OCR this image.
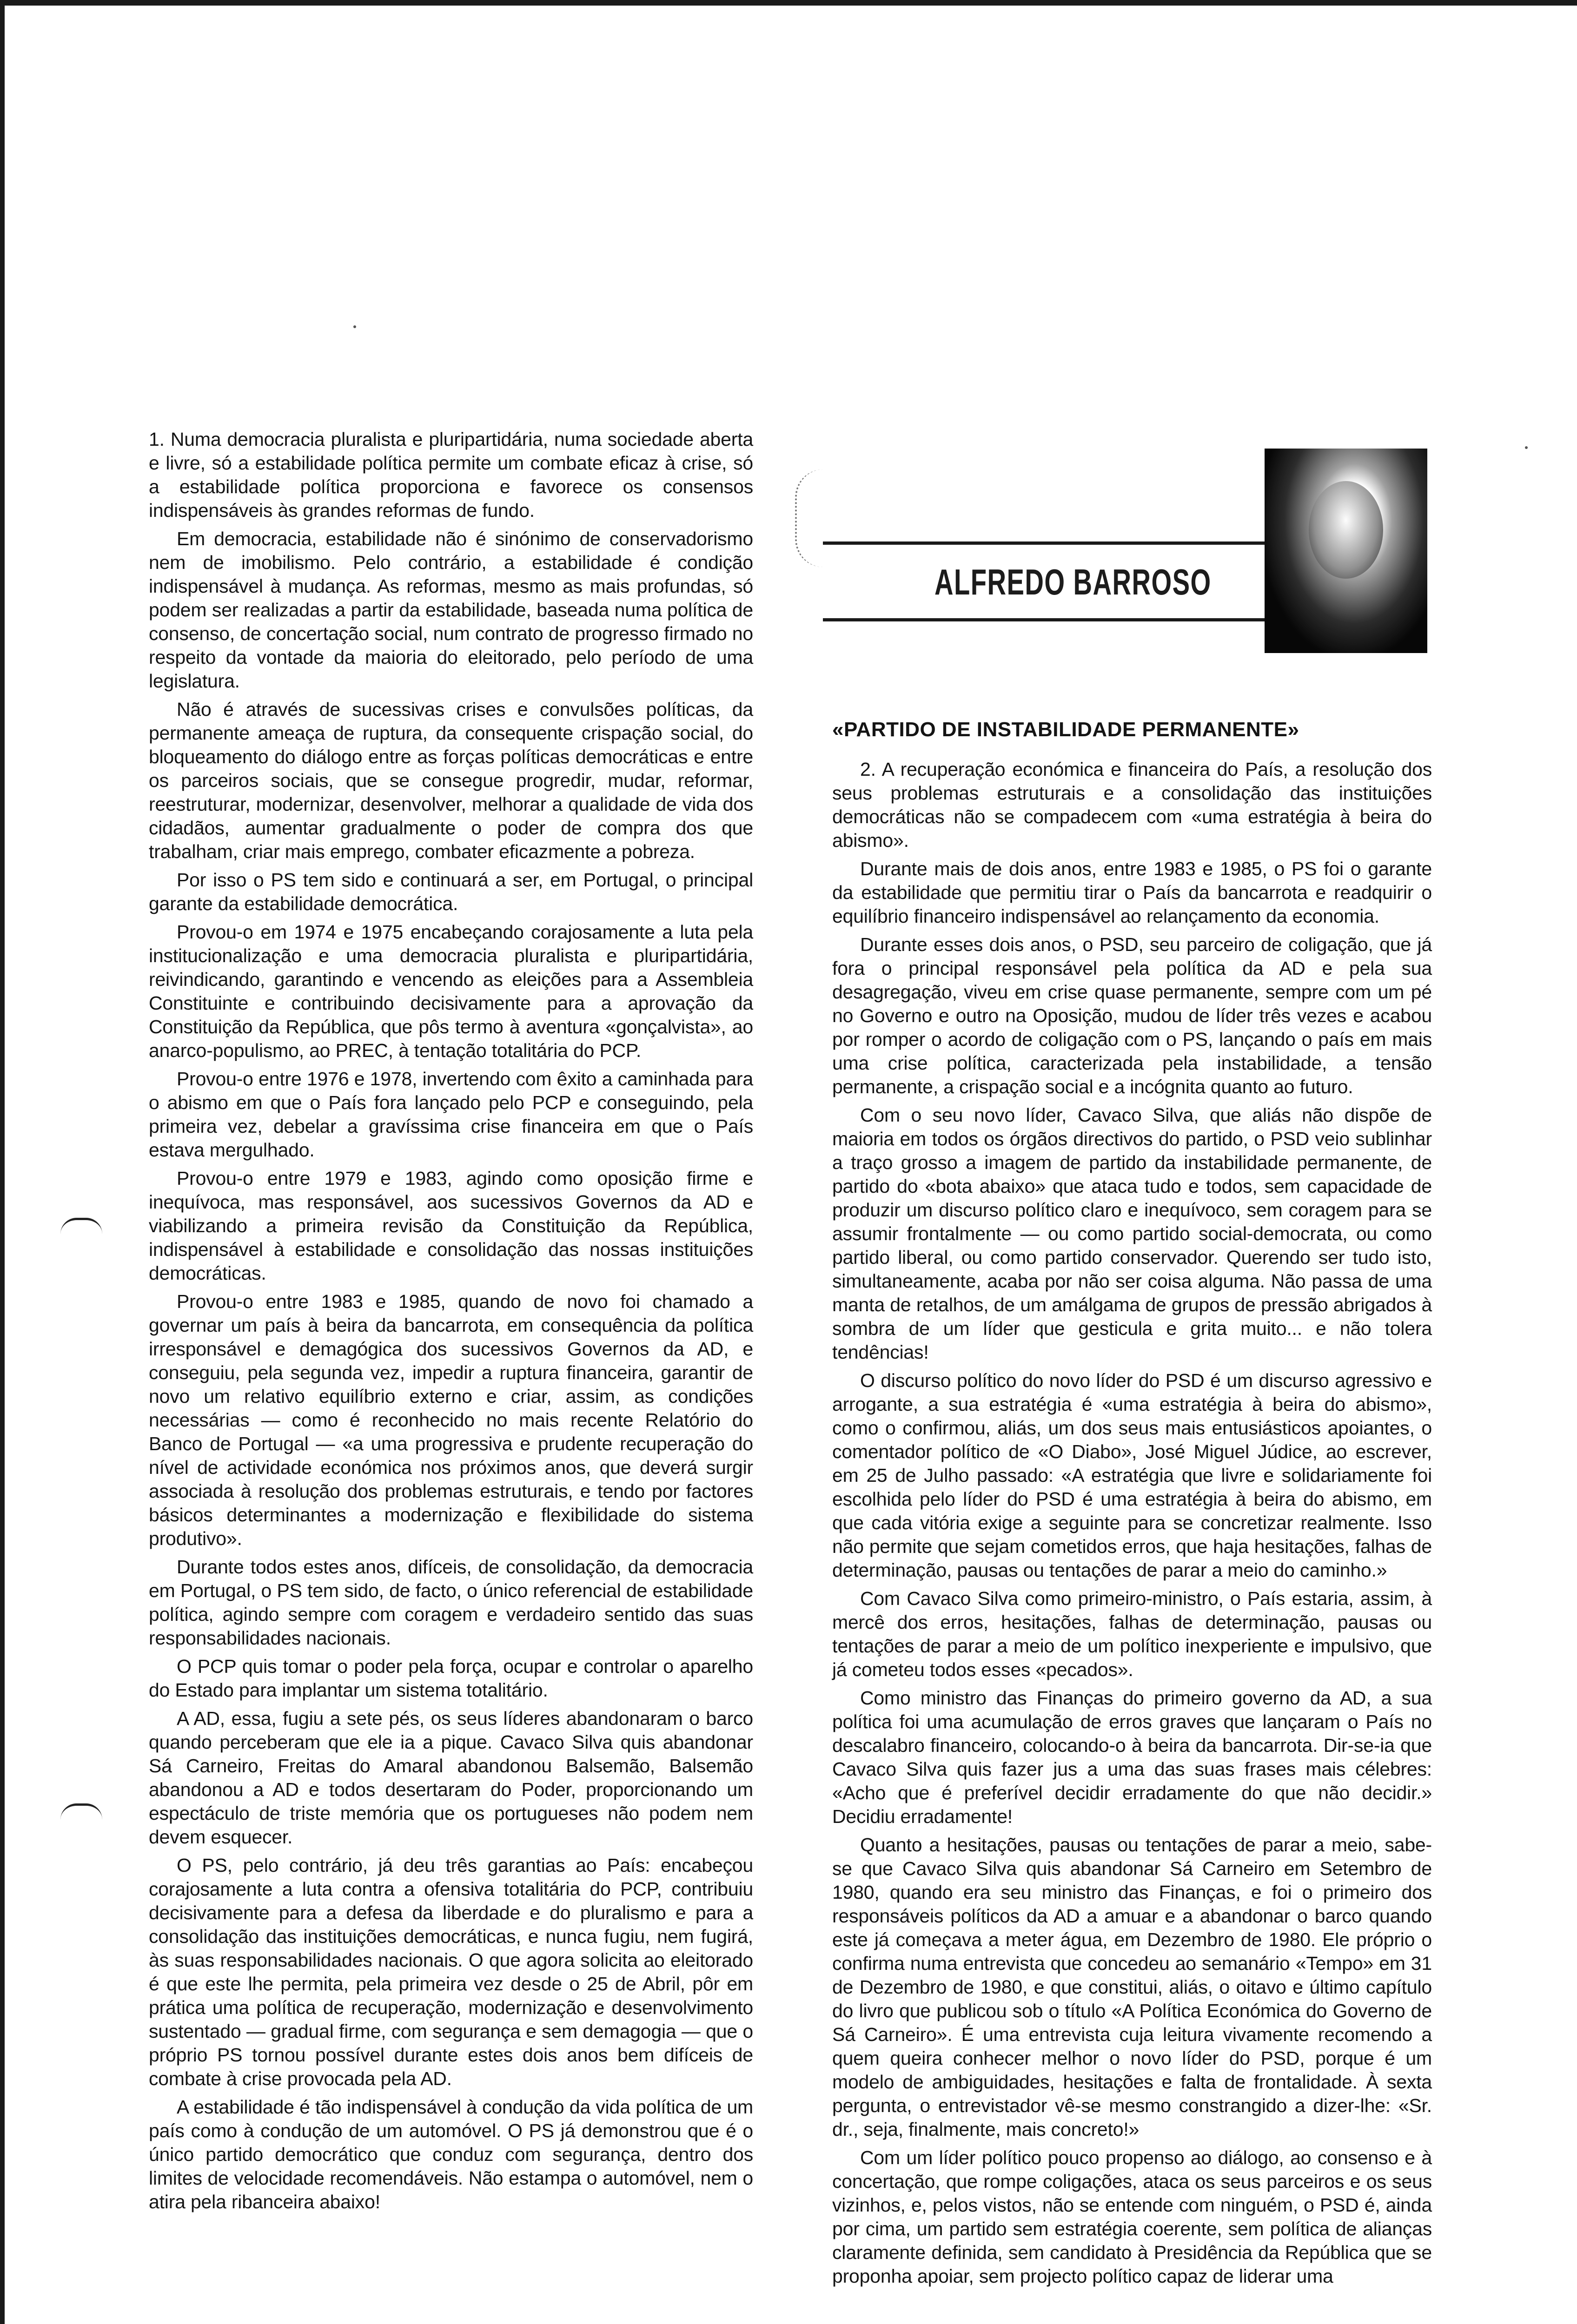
1. Numa democracia pluralista e pluripartidária, numa sociedade aberta e livre, só a estabilidade política permite um combate eficaz à crise, só a estabilidade política proporciona e favorece os consensos indispensáveis às grandes reformas de fundo.

Em democracia, estabilidade não é sinónimo de conservadorismo nem de imobilismo. Pelo contrário, a estabilidade é condição indispensável à mudança. As reformas, mesmo as mais profundas, só podem ser realizadas a partir da estabilidade, baseada numa política de consenso, de concertação social, num contrato de progresso firmado no respeito da vontade da maioria do eleitorado, pelo período de uma legislatura.

Não é através de sucessivas crises e convulsões políticas, da permanente ameaça de ruptura, da consequente crispação social, do bloqueamento do diálogo entre as forças políticas democráticas e entre os parceiros sociais, que se consegue progredir, mudar, reformar, reestruturar, modernizar, desenvolver, melhorar a qualidade de vida dos cidadãos, aumentar gradualmente o poder de compra dos que trabalham, criar mais emprego, combater eficazmente a pobreza.

Por isso o PS tem sido e continuará a ser, em Portugal, o principal garante da estabilidade democrática.

Provou-o em 1974 e 1975 encabeçando corajosamente a luta pela institucionalização e uma democracia pluralista e pluripartidária, reivindicando, garantindo e vencendo as eleições para a Assembleia Constituinte e contribuindo decisivamente para a aprovação da Constituição da República, que pôs termo à aventura «gonçalvista», ao anarco-populismo, ao PREC, à tentação totalitária do PCP.

Provou-o entre 1976 e 1978, invertendo com êxito a caminhada para o abismo em que o País fora lançado pelo PCP e conseguindo, pela primeira vez, debelar a gravíssima crise financeira em que o País estava mergulhado.

Provou-o entre 1979 e 1983, agindo como oposição firme e inequívoca, mas responsável, aos sucessivos Governos da AD e viabilizando a primeira revisão da Constituição da República, indispensável à estabilidade e consolidação das nossas instituições democráticas.

Provou-o entre 1983 e 1985, quando de novo foi chamado a governar um país à beira da bancarrota, em consequência da política irresponsável e demagógica dos sucessivos Governos da AD, e conseguiu, pela segunda vez, impedir a ruptura financeira, garantir de novo um relativo equilíbrio externo e criar, assim, as condições necessárias — como é reconhecido no mais recente Relatório do Banco de Portugal — «a uma progressiva e prudente recuperação do nível de actividade económica nos próximos anos, que deverá surgir associada à resolução dos problemas estruturais, e tendo por factores básicos determinantes a modernização e flexibilidade do sistema produtivo».

Durante todos estes anos, difíceis, de consolidação, da democracia em Portugal, o PS tem sido, de facto, o único referencial de estabilidade política, agindo sempre com coragem e verdadeiro sentido das suas responsabilidades nacionais.

O PCP quis tomar o poder pela força, ocupar e controlar o aparelho do Estado para implantar um sistema totalitário.

A AD, essa, fugiu a sete pés, os seus líderes abandonaram o barco quando perceberam que ele ia a pique. Cavaco Silva quis abandonar Sá Carneiro, Freitas do Amaral abandonou Balsemão, Balsemão abandonou a AD e todos desertaram do Poder, proporcionando um espectáculo de triste memória que os portugueses não podem nem devem esquecer.

O PS, pelo contrário, já deu três garantias ao País: encabeçou corajosamente a luta contra a ofensiva totalitária do PCP, contribuiu decisivamente para a defesa da liberdade e do pluralismo e para a consolidação das instituições democráticas, e nunca fugiu, nem fugirá, às suas responsabilidades nacionais. O que agora solicita ao eleitorado é que este lhe permita, pela primeira vez desde o 25 de Abril, pôr em prática uma política de recuperação, modernização e desenvolvimento sustentado — gradual firme, com segurança e sem demagogia — que o próprio PS tornou possível durante estes dois anos bem difíceis de combate à crise provocada pela AD.

A estabilidade é tão indispensável à condução da vida política de um país como à condução de um automóvel. O PS já demonstrou que é o único partido democrático que conduz com segurança, dentro dos limites de velocidade recomendáveis. Não estampa o automóvel, nem o atira pela ribanceira abaixo!

ALFREDO BARROSO
«PARTIDO DE INSTABILIDADE PERMANENTE»

2. A recuperação económica e financeira do País, a resolução dos seus problemas estruturais e a consolidação das instituições democráticas não se compadecem com «uma estratégia à beira do abismo».

Durante mais de dois anos, entre 1983 e 1985, o PS foi o garante da estabilidade que permitiu tirar o País da bancarrota e readquirir o equilíbrio financeiro indispensável ao relançamento da economia.

Durante esses dois anos, o PSD, seu parceiro de coligação, que já fora o principal responsável pela política da AD e pela sua desagregação, viveu em crise quase permanente, sempre com um pé no Governo e outro na Oposição, mudou de líder três vezes e acabou por romper o acordo de coligação com o PS, lançando o país em mais uma crise política, caracterizada pela instabilidade, a tensão permanente, a crispação social e a incógnita quanto ao futuro.

Com o seu novo líder, Cavaco Silva, que aliás não dispõe de maioria em todos os órgãos directivos do partido, o PSD veio sublinhar a traço grosso a imagem de partido da instabilidade permanente, de partido do «bota abaixo» que ataca tudo e todos, sem capacidade de produzir um discurso político claro e inequívoco, sem coragem para se assumir frontalmente — ou como partido social-democrata, ou como partido liberal, ou como partido conservador. Querendo ser tudo isto, simultaneamente, acaba por não ser coisa alguma. Não passa de uma manta de retalhos, de um amálgama de grupos de pressão abrigados à sombra de um líder que gesticula e grita muito... e não tolera tendências!

O discurso político do novo líder do PSD é um discurso agressivo e arrogante, a sua estratégia é «uma estratégia à beira do abismo», como o confirmou, aliás, um dos seus mais entusiásticos apoiantes, o comentador político de «O Diabo», José Miguel Júdice, ao escrever, em 25 de Julho passado: «A estratégia que livre e solidariamente foi escolhida pelo líder do PSD é uma estratégia à beira do abismo, em que cada vitória exige a seguinte para se concretizar realmente. Isso não permite que sejam cometidos erros, que haja hesitações, falhas de determinação, pausas ou tentações de parar a meio do caminho.»

Com Cavaco Silva como primeiro-ministro, o País estaria, assim, à mercê dos erros, hesitações, falhas de determinação, pausas ou tentações de parar a meio de um político inexperiente e impulsivo, que já cometeu todos esses «pecados».

Como ministro das Finanças do primeiro governo da AD, a sua política foi uma acumulação de erros graves que lançaram o País no descalabro financeiro, colocando-o à beira da bancarrota. Dir-se-ia que Cavaco Silva quis fazer jus a uma das suas frases mais célebres: «Acho que é preferível decidir erradamente do que não decidir.» Decidiu erradamente!

Quanto a hesitações, pausas ou tentações de parar a meio, sabe-se que Cavaco Silva quis abandonar Sá Carneiro em Setembro de 1980, quando era seu ministro das Finanças, e foi o primeiro dos responsáveis políticos da AD a amuar e a abandonar o barco quando este já começava a meter água, em Dezembro de 1980. Ele próprio o confirma numa entrevista que concedeu ao semanário «Tempo» em 31 de Dezembro de 1980, e que constitui, aliás, o oitavo e último capítulo do livro que publicou sob o título «A Política Económica do Governo de Sá Carneiro». É uma entrevista cuja leitura vivamente recomendo a quem queira conhecer melhor o novo líder do PSD, porque é um modelo de ambiguidades, hesitações e falta de frontalidade. À sexta pergunta, o entrevistador vê-se mesmo constrangido a dizer-lhe: «Sr. dr., seja, finalmente, mais concreto!»

Com um líder político pouco propenso ao diálogo, ao consenso e à concertação, que rompe coligações, ataca os seus parceiros e os seus vizinhos, e, pelos vistos, não se entende com ninguém, o PSD é, ainda por cima, um partido sem estratégia coerente, sem política de alianças claramente definida, sem candidato à Presidência da República que se proponha apoiar, sem projecto político capaz de liderar uma
